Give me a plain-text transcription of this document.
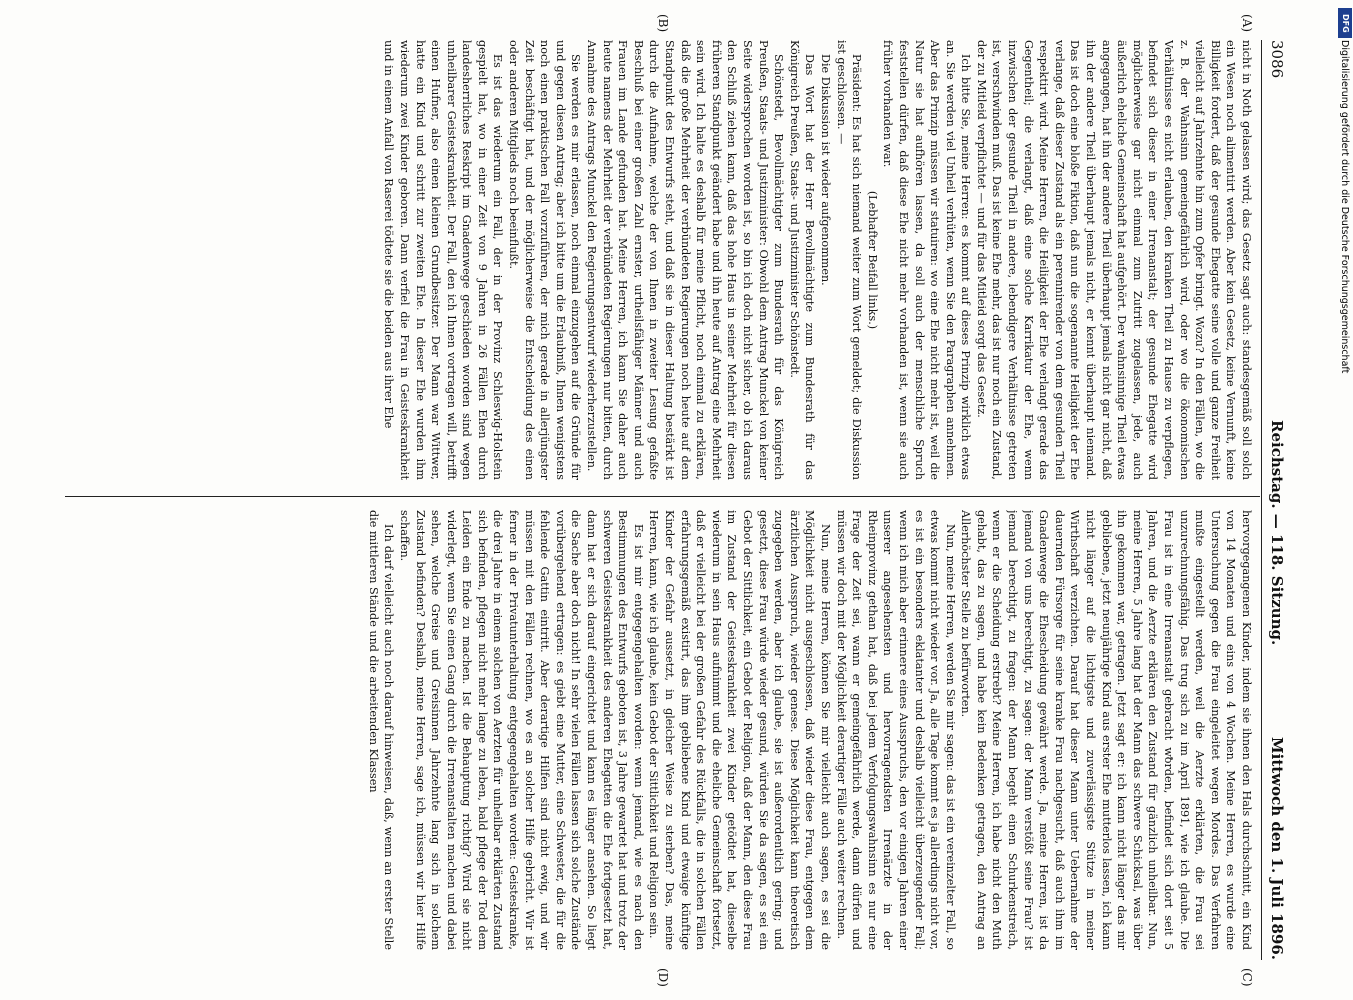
3086
Reichstag. — 118. Sitzung.
Mittwoch den 1. Juli 1896.

nicht in Noth gelassen wird; das Gesetz sagt auch: standesgemäß soll solch ein Wesen noch alimentirt werden. Aber kein Gesetz, keine Vernunft, keine Billigkeit fordert, daß der gesunde Ehegatte seine volle und ganze Freiheit vielleicht auf Jahrzehnte hin zum Opfer bringt. Wozu? In den Fällen, wo die z. B. der Wahnsinn gemeingefährlich wird, oder wo die ökonomischen Verhältnisse es nicht erlauben, den kranken Theil zu Hause zu verpflegen, befindet sich dieser in einer Irrenanstalt; der gesunde Ehegatte wird möglicherweise gar nicht einmal zum Zutritt zugelassen, jede, auch äußerlich eheliche Gemeinschaft hat aufgehört. Der wahnsinnige Theil etwas angegangen, hat ihn der andere Theil überhaupt jemals nicht gar nicht, daß ihn der andere Theil überhaupt jemals nicht, er kennt überhaupt niemand. Das ist doch eine bloße Fiktion, daß nun die sogenannte Heiligkeit der Ehe verlange, daß dieser Zustand als ein perennirender von dem gesunden Theil respektirt wird. Meine Herren, die Heiligkeit der Ehe verlangt gerade das Gegentheil; die verlangt, daß eine solche Karrikatur der Ehe, wenn inzwischen der gesunde Theil in andere, lebendigere Verhältnisse getreten ist, verschwinden muß. Das ist keine Ehe mehr, das ist nur noch ein Zustand, der zu Mitleid verpflichtet — und für das Mitleid sorgt das Gesetz.

Ich bitte Sie, meine Herren: es kommt auf dieses Prinzip wirklich etwas an. Sie werden viel Unheil verhüten, wenn Sie den Paragraphen annehmen. Aber das Prinzip müssen wir statuiren: wo eine Ehe nicht mehr ist, weil die Natur sie hat aufhören lassen, da soll auch der menschliche Spruch feststellen dürfen, daß diese Ehe nicht mehr vorhanden ist, wenn sie auch früher vorhanden war.

(Lebhafter Beifall links.)

Präsident: Es hat sich niemand weiter zum Wort gemeldet; die Diskussion ist geschlossen. —

Die Diskussion ist wieder aufgenommen.

Das Wort hat der Herr Bevollmächtigte zum Bundesrath für das Königreich Preußen, Staats- und Justizminister Schönstedt.

Schönstedt, Bevollmächtigter zum Bundesrath für das Königreich Preußen, Staats- und Justizminister: Obwohl dem Antrag Munckel von keiner Seite widersprochen worden ist, so bin ich doch nicht sicher, ob ich daraus den Schluß ziehen kann, daß das hohe Haus in seiner Mehrheit für diesen früheren Standpunkt geändert habe und ihn heute auf Antrag eine Mehrheit sein wird. Ich halte es deshalb für meine Pflicht, noch einmal zu erklären, daß die große Mehrheit der verbündeten Regierungen noch heute auf dem Standpunkt des Entwurfs steht, und daß sie in dieser Haltung bestärkt ist durch die Aufnahme, welche der von Ihnen in zweiter Lesung gefaßte Beschluß bei einer großen Zahl ernster, urtheilsfähiger Männer und auch Frauen im Lande gefunden hat. Meine Herren, ich kann Sie daher auch heute namens der Mehrheit der verbündeten Regierungen nur bitten, durch Annahme des Antrags Munckel den Regierungsentwurf wiederherzustellen.

Sie werden es mir erlassen, noch einmal einzugehen auf die Gründe für und gegen diesen Antrag; aber ich bitte um die Erlaubniß, Ihnen wenigstens noch einen praktischen Fall vorzuführen, der mich gerade in allerjüngster Zeit beschäftigt hat, und der möglicherweise die Entscheidung des einen oder anderen Mitglieds noch beeinflußt.

Es ist das wiederum ein Fall, der in der Provinz Schleswig-Holstein gespielt hat, wo in einer Zeit von 9 Jahren in 26 Fällen Ehen durch landesherrliches Reskript im Gnadenwege geschieden worden sind wegen unheilbarer Geisteskrankheit. Der Fall, den ich Ihnen vortragen will, betrifft einen Hufner, also einen kleinen Grundbesitzer. Der Mann war Wittwer, hatte ein Kind und schritt zur zweiten Ehe. In dieser Ehe wurden ihm wiederum zwei Kinder geboren. Dann verfiel die Frau in Geisteskrankheit und in einem Anfall von Raserei tödtete sie die beiden aus ihrer Ehe

hervorgegangenen Kinder, indem sie ihnen den Hals durchschnitt, ein Kind von 14 Monaten und eins von 4 Wochen. Meine Herren, es wurde eine Untersuchung gegen die Frau eingeleitet wegen Mordes. Das Verfahren mußte eingestellt werden, weil die Aerzte erklärten, die Frau sei unzurechnungsfähig. Das trug sich zu im April 1891, wie ich glaube. Die Frau ist in eine Irrenanstalt gebracht worden, befindet sich dort seit 5 Jahren, und die Aerzte erklären den Zustand für gänzlich unheilbar. Nun, meine Herren, 5 Jahre lang hat der Mann das schwere Schicksal, was über ihn gekommen war, getragen. Jetzt sagt er: ich kann nicht länger das mir gebliebene, jetzt neunjährige Kind aus erster Ehe mutterlos lassen, ich kann nicht länger auf die lichtigste und zuverlässigste Stütze in meiner Wirthschaft verzichten. Darauf hat dieser Mann unter Uebernahme der dauernden Fürsorge für seine kranke Frau nachgesucht, daß auch ihm im Gnadenwege die Ehescheidung gewährt werde. Ja, meine Herren, ist da jemand von uns berechtigt, zu sagen: der Mann verstößt seine Frau? ist jemand berechtigt, zu fragen: der Mann begeht einen Schurkenstreich, wenn er die Scheidung erstrebt? Meine Herren, ich habe nicht den Muth gehabt, das zu sagen, und habe kein Bedenken getragen, den Antrag an Allerhöchster Stelle zu befürworten.

Nun, meine Herren, werden Sie mir sagen: das ist ein vereinzelter Fall, so etwas kommt nicht wieder vor. Ja, alle Tage kommt es ja allerdings nicht vor, es ist ein besonders eklatanter und deshalb vielleicht überzeugender Fall; wenn ich mich aber erinnere eines Ausspruchs, den vor einigen Jahren einer unserer angesehensten und hervorragendsten Irrenärzte in der Rheinprovinz gethan hat, daß bei jedem Verfolgungswahnsinn es nur eine Frage der Zeit sei, wann er gemeingefährlich werde, dann dürfen und müssen wir doch mit der Möglichkeit derartiger Fälle auch weiter rechnen.

Nun, meine Herren, können Sie mir vielleicht auch sagen, es sei die Möglichkeit nicht ausgeschlossen, daß wieder diese Frau, entgegen dem ärztlichen Ausspruch, wieder genese. Diese Möglichkeit kann theoretisch zugegeben werden, aber ich glaube, sie ist außerordentlich gering; und gesetzt, diese Frau würde wieder gesund, würden Sie da sagen, es sei ein Gebot der Sittlichkeit, ein Gebot der Religion, daß der Mann, den diese Frau im Zustand der Geisteskrankheit zwei Kinder getödtet hat, dieselbe wiederum in sein Haus aufnimmt und die eheliche Gemeinschaft fortsetzt, daß er vielleicht bei der großen Gefahr des Rückfalls, die in solchen Fällen erfahrungsgemäß existirt, das ihm gebliebene Kind und etwaige künftige Kinder der Gefahr aussetzt, in gleicher Weise zu sterben? Das, meine Herren, kann, wie ich glaube, kein Gebot der Sittlichkeit und Religion sein.

Es ist mir entgegengehalten worden: wenn jemand, wie es nach den Bestimmungen des Entwurfs geboten ist, 3 Jahre gewartet hat und trotz der schweren Geisteskrankheit des anderen Ehegatten die Ehe fortgesetzt hat, dann hat er sich darauf eingerichtet und kann es länger ansehen. So liegt die Sache aber doch nicht! In sehr vielen Fällen lassen sich solche Zustände vorübergehend ertragen: es giebt eine Mutter, eine Schwester, die für die fehlende Gattin eintritt. Aber derartige Hilfen sind nicht ewig, und wir müssen mit den Fällen rechnen, wo es an solcher Hilfe gebricht. Wir ist ferner in der Privatunterhaltung entgegengehalten worden: Geisteskranke, die drei Jahre in einem solchen von Aerzten für unheilbar erklärten Zustand sich befinden, pflegen nicht mehr lange zu leben, bald pflege der Tod dem Leiden ein Ende zu machen. Ist die Behauptung richtig? Wird sie nicht widerlegt, wenn Sie einen Gang durch die Irrenanstalten machen und dabei sehen, welche Greise und Greisinnen Jahrzehnte lang sich in solchem Zustand befinden? Deshalb, meine Herren, sage ich, müssen wir hier Hilfe schaffen.

Ich darf vielleicht auch noch darauf hinweisen, daß, wenn an erster Stelle die mittleren Stände und die arbeitenden Klassen

(A)
(B)
(C)
(D)
DFG
Digitalisierung gefördert durch die Deutsche Forschungsgemeinschaft
